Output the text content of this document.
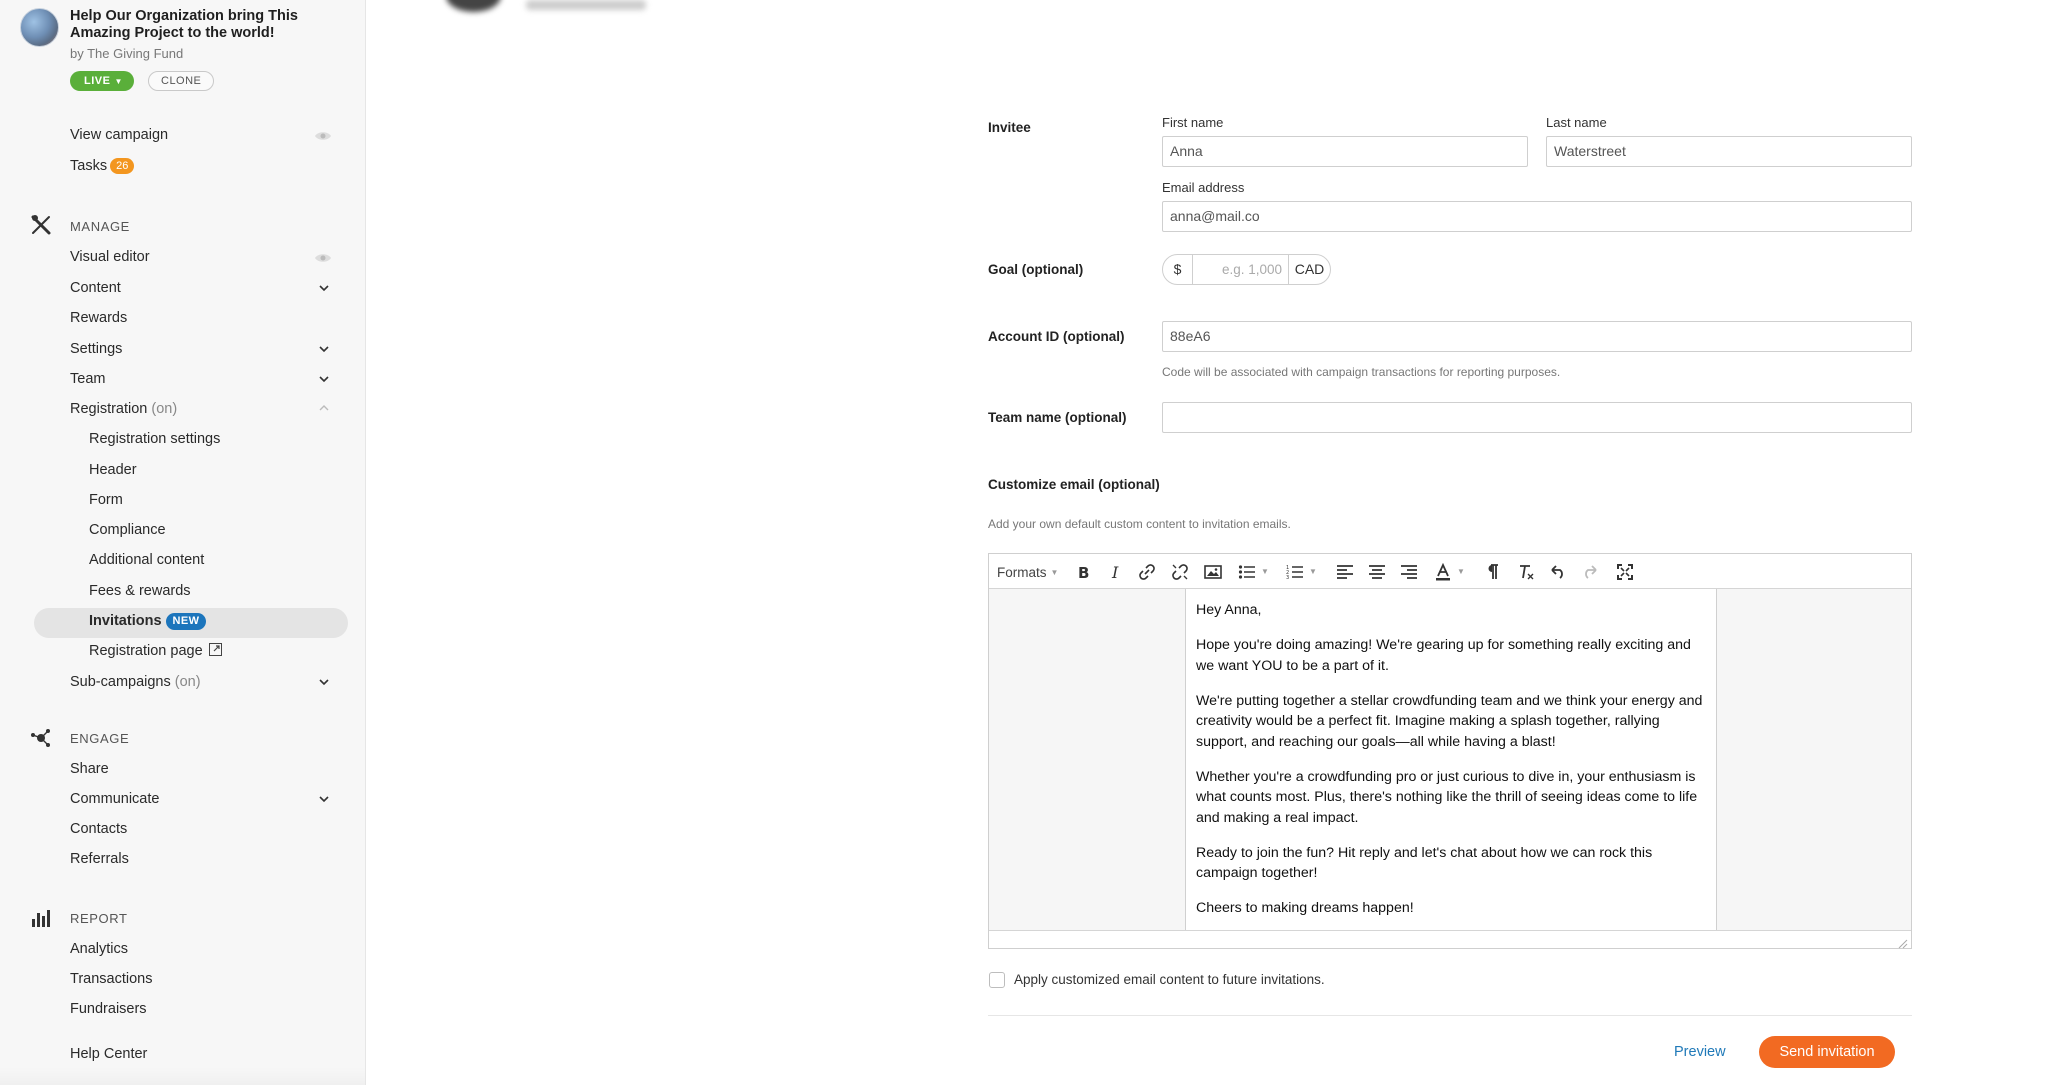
Help Our Organization bring This Amazing Project to the world!
by The Giving Fund
LIVE ▼	CLONE
View campaign
Tasks 26
MANAGE
Visual editor
Content
Rewards
Settings
Team
Registration (on)
Registration settings
Header
Form
Compliance
Additional content
Fees & rewards
Invitations NEW
Registration page
Sub-campaigns (on)
ENGAGE
Share
Communicate
Contacts
Referrals
REPORT
Analytics
Transactions
Fundraisers
Help Center
Invitee	First name
Anna
Last name
Waterstreet
Email address
anna@mail.co
Goal (optional)	$	e.g. 1,000 CAD
Account ID (optional)	88eA6
Code will be associated with campaign transactions for reporting purposes.
Team name (optional)
Customize email (optional)
Add your own default custom content to invitation emails.
Formats ▼ B I	▼	1
2
3
▼	▼

Hey Anna,

Hope you're doing amazing! We're gearing up for something really exciting and we want YOU to be a part of it.

We're putting together a stellar crowdfunding team and we think your energy and creativity would be a perfect fit. Imagine making a splash together, rallying support, and reaching our goals—all while having a blast!

Whether you're a crowdfunding pro or just curious to dive in, your enthusiasm is what counts most. Plus, there's nothing like the thrill of seeing ideas come to life and making a real impact.

Ready to join the fun? Hit reply and let's chat about how we can rock this campaign together!

Cheers to making dreams happen!

Apply customized email content to future invitations.
Preview	Send invitation
